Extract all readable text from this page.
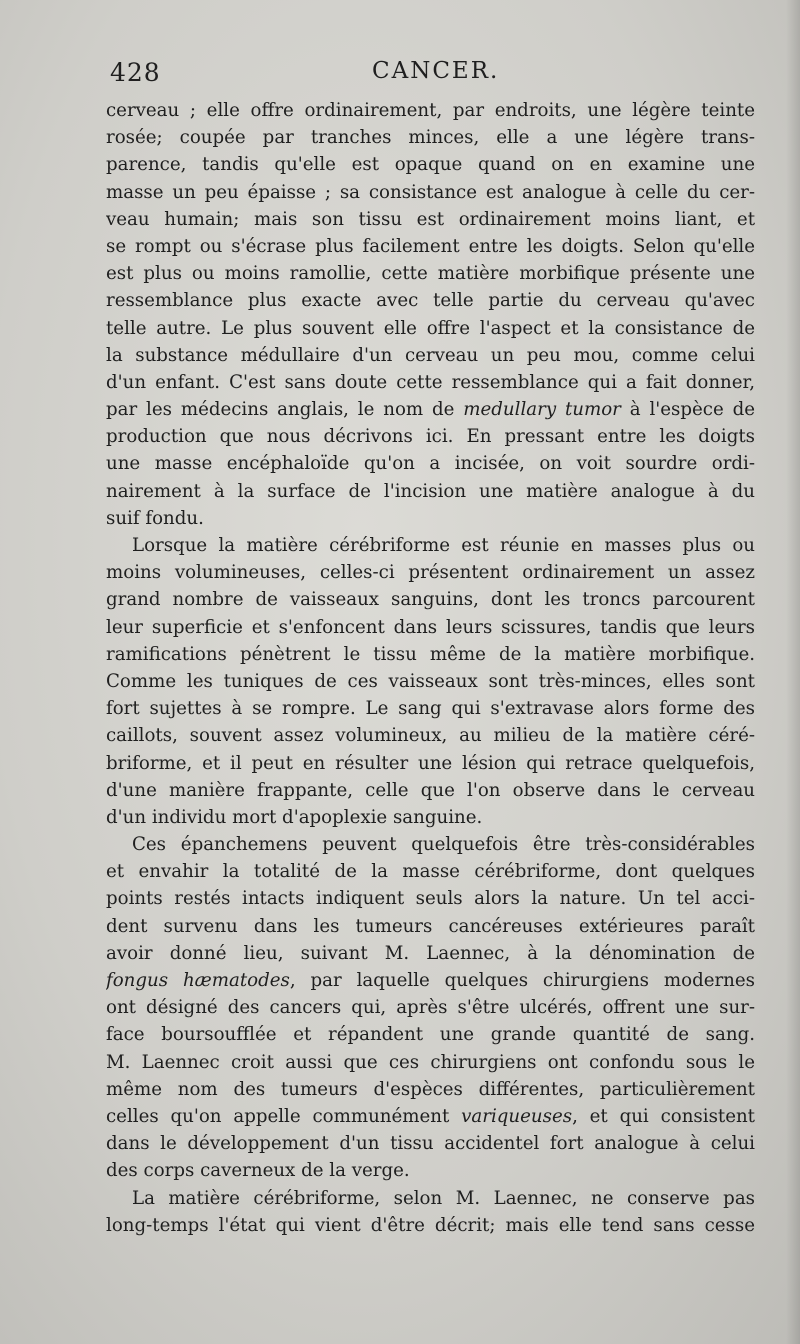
428	CANCER.
cerveau ; elle offre ordinairement, par endroits, une légère teinte
rosée; coupée par tranches minces, elle a une légère trans-
parence, tandis qu'elle est opaque quand on en examine une
masse un peu épaisse ; sa consistance est analogue à celle du cer-
veau humain; mais son tissu est ordinairement moins liant, et
se rompt ou s'écrase plus facilement entre les doigts. Selon qu'elle
est plus ou moins ramollie, cette matière morbifique présente une
ressemblance plus exacte avec telle partie du cerveau qu'avec
telle autre. Le plus souvent elle offre l'aspect et la consistance de
la substance médullaire d'un cerveau un peu mou, comme celui
d'un enfant. C'est sans doute cette ressemblance qui a fait donner,
par les médecins anglais, le nom de medullary tumor à l'espèce de
production que nous décrivons ici. En pressant entre les doigts
une masse encéphaloïde qu'on a incisée, on voit sourdre ordi-
nairement à la surface de l'incision une matière analogue à du
suif fondu.
Lorsque la matière cérébriforme est réunie en masses plus ou
moins volumineuses, celles-ci présentent ordinairement un assez
grand nombre de vaisseaux sanguins, dont les troncs parcourent
leur superficie et s'enfoncent dans leurs scissures, tandis que leurs
ramifications pénètrent le tissu même de la matière morbifique.
Comme les tuniques de ces vaisseaux sont très-minces, elles sont
fort sujettes à se rompre. Le sang qui s'extravase alors forme des
caillots, souvent assez volumineux, au milieu de la matière céré-
briforme, et il peut en résulter une lésion qui retrace quelquefois,
d'une manière frappante, celle que l'on observe dans le cerveau
d'un individu mort d'apoplexie sanguine.
Ces épanchemens peuvent quelquefois être très-considérables
et envahir la totalité de la masse cérébriforme, dont quelques
points restés intacts indiquent seuls alors la nature. Un tel acci-
dent survenu dans les tumeurs cancéreuses extérieures paraît
avoir donné lieu, suivant M. Laennec, à la dénomination de
fongus hæmatodes, par laquelle quelques chirurgiens modernes
ont désigné des cancers qui, après s'être ulcérés, offrent une sur-
face boursoufflée et répandent une grande quantité de sang.
M. Laennec croit aussi que ces chirurgiens ont confondu sous le
même nom des tumeurs d'espèces différentes, particulièrement
celles qu'on appelle communément variqueuses, et qui consistent
dans le développement d'un tissu accidentel fort analogue à celui
des corps caverneux de la verge.
La matière cérébriforme, selon M. Laennec, ne conserve pas
long-temps l'état qui vient d'être décrit; mais elle tend sans cesse
